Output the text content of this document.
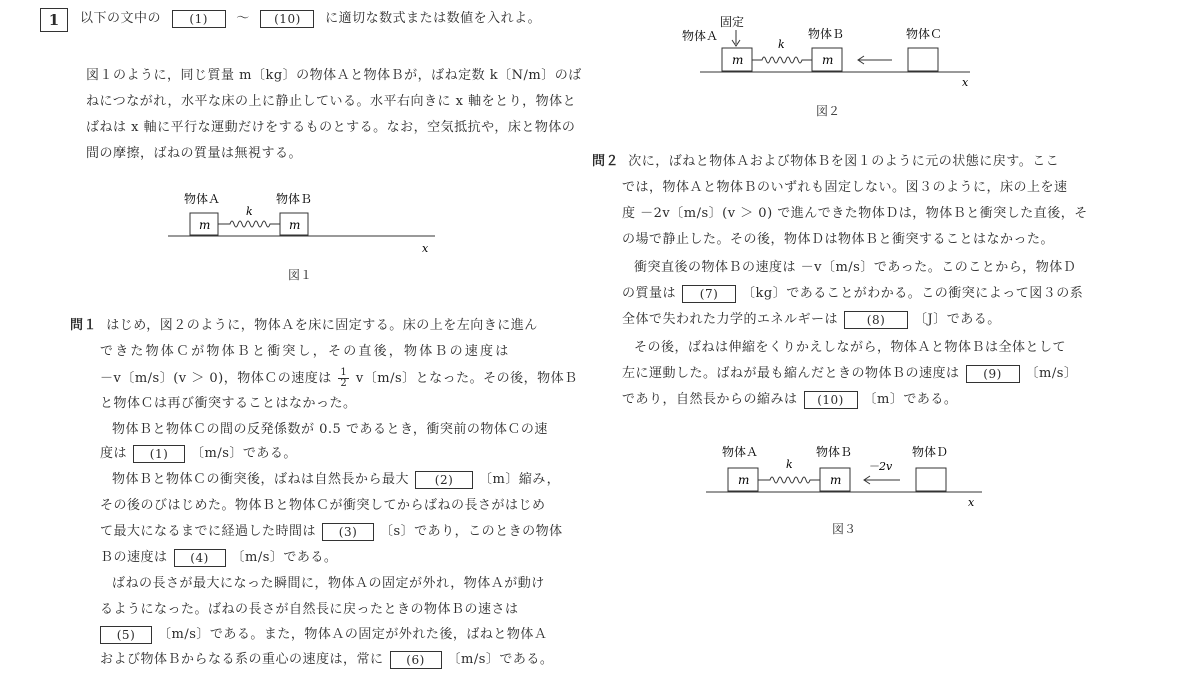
1	以下の文中の (1) 〜 (10) に適切な数式または数値を入れよ。
図１のように，同じ質量 m〔kg〕の物体Ａと物体Ｂが，ばね定数 k〔N/m〕のば
ねにつながれ，水平な床の上に静止している。水平右向きに x 軸をとり，物体と
ばねは x 軸に平行な運動だけをするものとする。なお，空気抵抗や，床と物体の
間の摩擦，ばねの質量は無視する。
物体Ａ	物体Ｂ
k
m	m
x
図１
問１ はじめ，図２のように，物体Ａを床に固定する。床の上を左向きに進ん
できた物体Ｃが物体Ｂと衝突し，その直後，物体Ｂの速度は
－v〔m/s〕(v ＞ 0)，物体Ｃの速度は $\frac{1}{2}$ v〔m/s〕となった。その後，物体Ｂ
と物体Ｃは再び衝突することはなかった。
物体Ｂと物体Ｃの間の反発係数が 0.5 であるとき，衝突前の物体Ｃの速
度は (1) 〔m/s〕である。
物体Ｂと物体Ｃの衝突後，ばねは自然長から最大 (2) 〔m〕縮み，
その後のびはじめた。物体Ｂと物体Ｃが衝突してからばねの長さがはじめ
て最大になるまでに経過した時間は (3) 〔s〕であり，このときの物体
Ｂの速度は (4) 〔m/s〕である。
ばねの長さが最大になった瞬間に，物体Ａの固定が外れ，物体Ａが動け
るようになった。ばねの長さが自然長に戻ったときの物体Ｂの速さは
(5) 〔m/s〕である。また，物体Ａの固定が外れた後，ばねと物体Ａ
および物体Ｂからなる系の重心の速度は，常に (6) 〔m/s〕である。
固定
物体Ａ	物体Ｂ	物体Ｃ
k
m	m
x
図２
問２ 次に，ばねと物体Ａおよび物体Ｂを図１のように元の状態に戻す。ここ
では，物体Ａと物体Ｂのいずれも固定しない。図３のように，床の上を速
度 －2v〔m/s〕(v ＞ 0) で進んできた物体Ｄは，物体Ｂと衝突した直後，そ
の場で静止した。その後，物体Ｄは物体Ｂと衝突することはなかった。
衝突直後の物体Ｂの速度は －v〔m/s〕であった。このことから，物体Ｄ
の質量は (7) 〔kg〕であることがわかる。この衝突によって図３の系
全体で失われた力学的エネルギーは (8) 〔J〕である。
その後，ばねは伸縮をくりかえしながら，物体Ａと物体Ｂは全体として
左に運動した。ばねが最も縮んだときの物体Ｂの速度は (9) 〔m/s〕
であり，自然長からの縮みは (10) 〔m〕である。
物体Ａ	物体Ｂ	物体Ｄ
k	－2v
m	m
x
図３
